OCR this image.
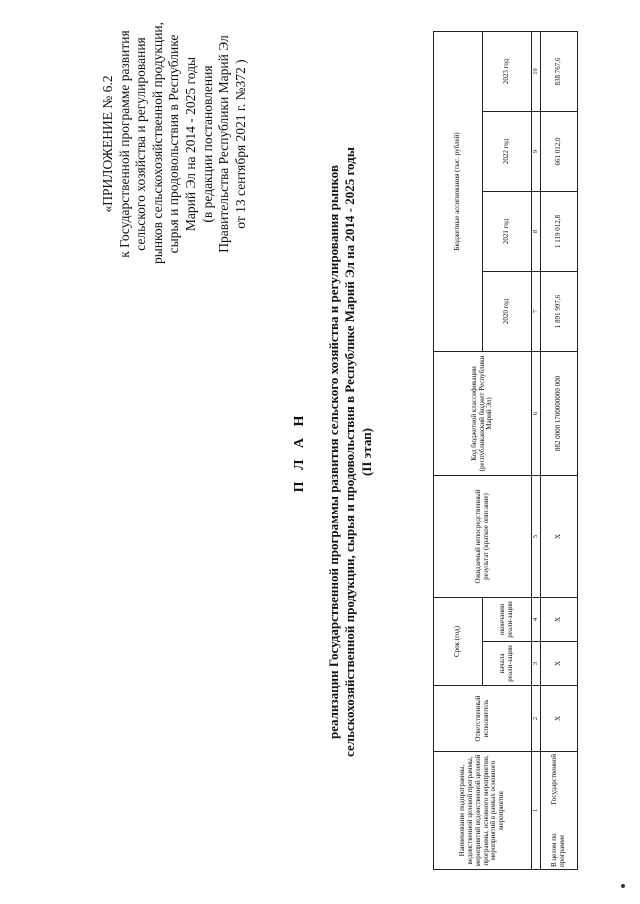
«ПРИЛОЖЕНИЕ № 6.2 к Государственной программе развития сельского хозяйства и регулирования рынков сельскохозяйственной продукции, сырья и продовольствия в Республике Марий Эл на 2014 - 2025 годы (в редакции постановления Правительства Республики Марий Эл от 13 сентября 2021 г. №372 )
П Л А Н реализации Государственной программы развития сельского хозяйства и регулирования рынков сельскохозяйственной продукции, сырья и продовольствия в Республике Марий Эл на 2014 - 2025 годы (II этап)
Наименование подпрограммы, ведомственной целевой программы, мероприятий ведомственной целевой программы, основного мероприятия, мероприятий в рамках основного мероприятия	Ответственный исполнитель	Срок (год)		Ожидаемый непосредственный результат (краткое описание)	Код бюджетной классификации (республиканский бюджет Республики Марий Эл)	Бюджетные ассигнования (тыс. рублей)			
		начала реали-зации	окончания реали-зации			2020 год	2021 год	2022 год	2023 год
1	2	3	4	5	6	7	8	9	10

В целом по
Государственной
программе	Х	Х	Х	Х	882 0000 1700000000 000	1 891 997,6	1 119 012,8	661 012,0	838 767,6
